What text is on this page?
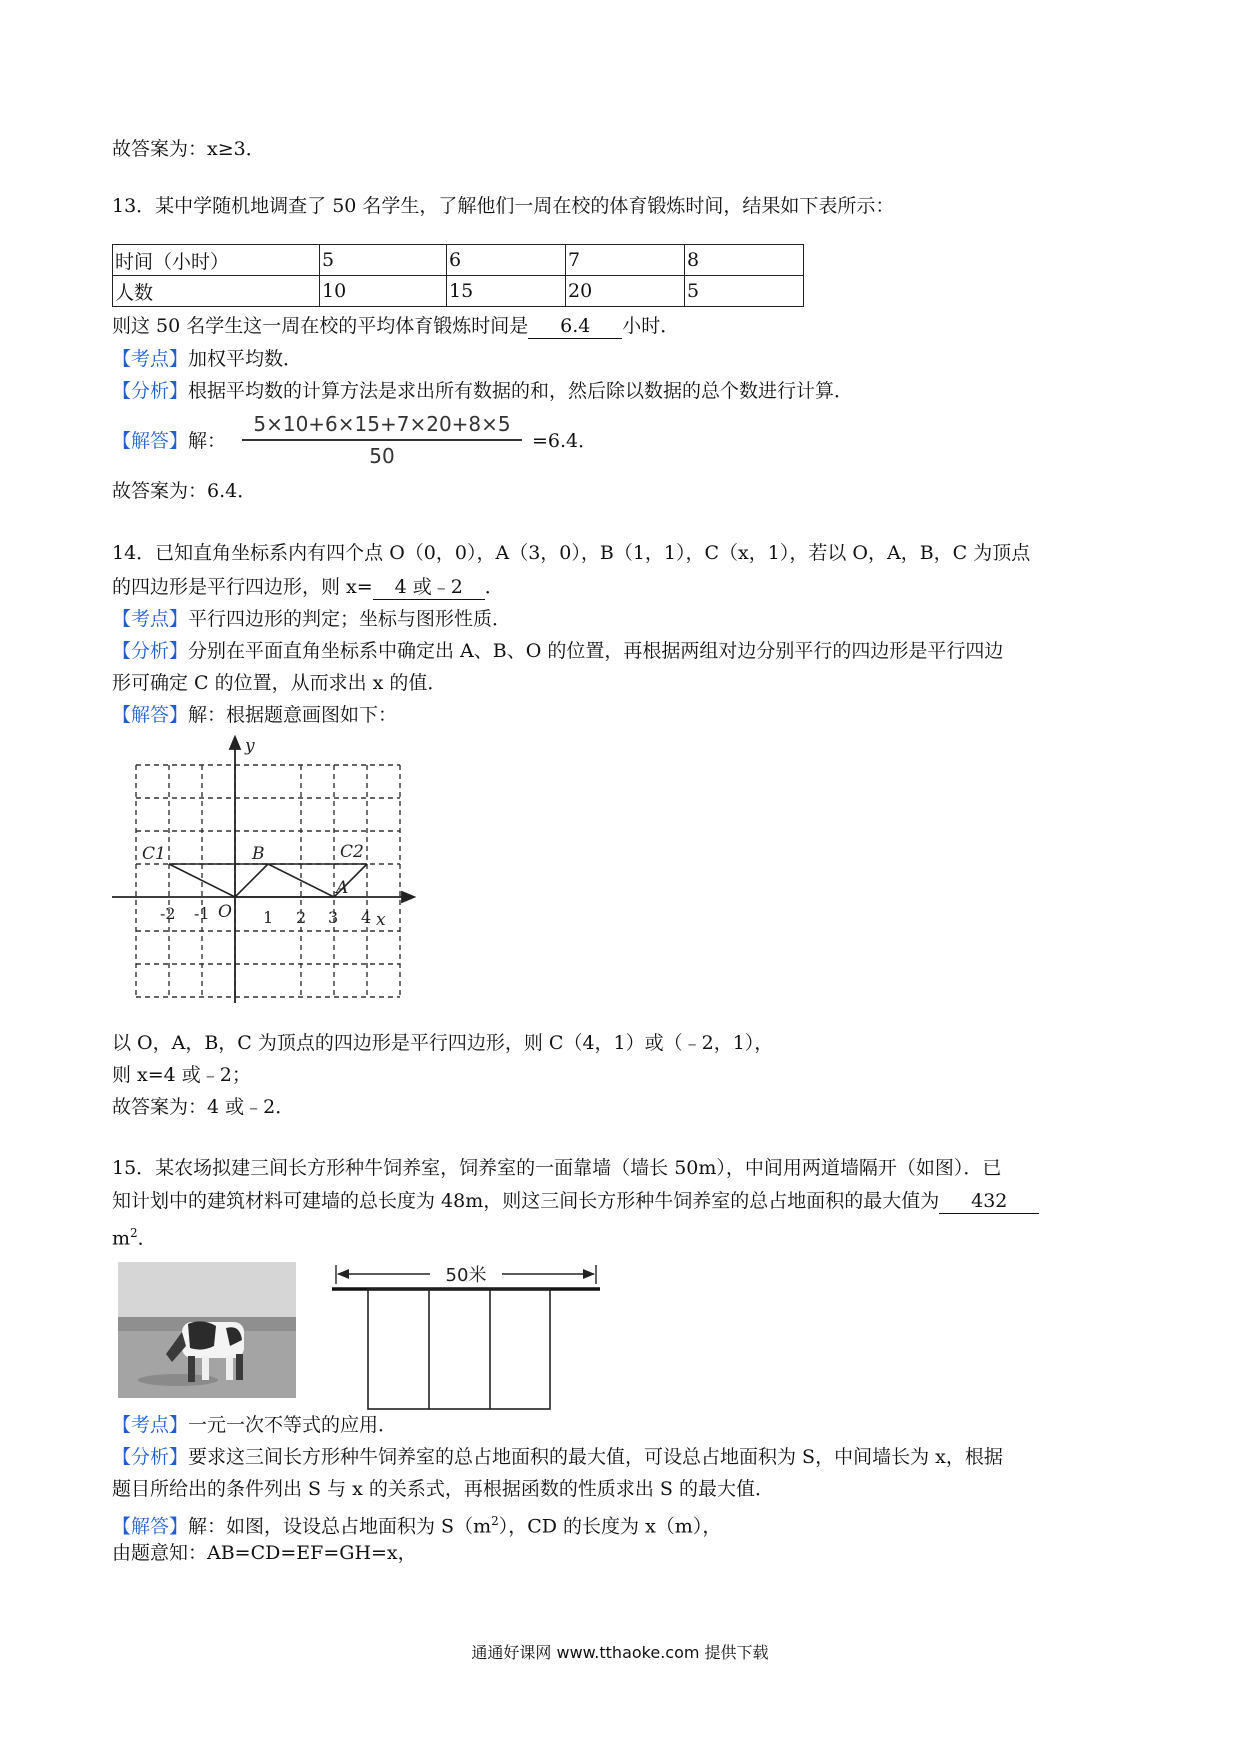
故答案为：x≥3．
13．某中学随机地调查了 50 名学生，了解他们一周在校的体育锻炼时间，结果如下表所示：
时间（小时）	5	6	7	8
人数	10	15	20	5
则这 50 名学生这一周在校的平均体育锻炼时间是 6.4 小时．
【考点】加权平均数．
【分析】根据平均数的计算方法是求出所有数据的和，然后除以数据的总个数进行计算．
【解答】解：
5×10+6×15+7×20+8×5
50
=6.4．
故答案为：6.4．
14．已知直角坐标系内有四个点 O（0，0），A（3，0），B（1，1），C（x，1），若以 O，A，B，C 为顶点
的四边形是平行四边形，则 x= 4 或﹣2 ．
【考点】平行四边形的判定；坐标与图形性质．
【分析】分别在平面直角坐标系中确定出 A、B、O 的位置，再根据两组对边分别平行的四边形是平行四边
形可确定 C 的位置，从而求出 x 的值．
【解答】解：根据题意画图如下：
y
x
O
C1	B	C2
A
-2 -1	1 2 3 4
以 O，A，B，C 为顶点的四边形是平行四边形，则 C（4，1）或（﹣2，1），
则 x=4 或﹣2；
故答案为：4 或﹣2．
15．某农场拟建三间长方形种牛饲养室，饲养室的一面靠墙（墙长 50m），中间用两道墙隔开（如图）．已
知计划中的建筑材料可建墙的总长度为 48m，则这三间长方形种牛饲养室的总占地面积的最大值为 432
$m^2$．
50米
【考点】一元一次不等式的应用．
【分析】要求这三间长方形种牛饲养室的总占地面积的最大值，可设总占地面积为 S，中间墙长为 x，根据
题目所给出的条件列出 S 与 x 的关系式，再根据函数的性质求出 S 的最大值．
【解答】解：如图，设设总占地面积为 $S(m^2)$，CD 的长度为 x（m），
由题意知：AB=CD=EF=GH=x，
通通好课网 www.tthaoke.com 提供下载
